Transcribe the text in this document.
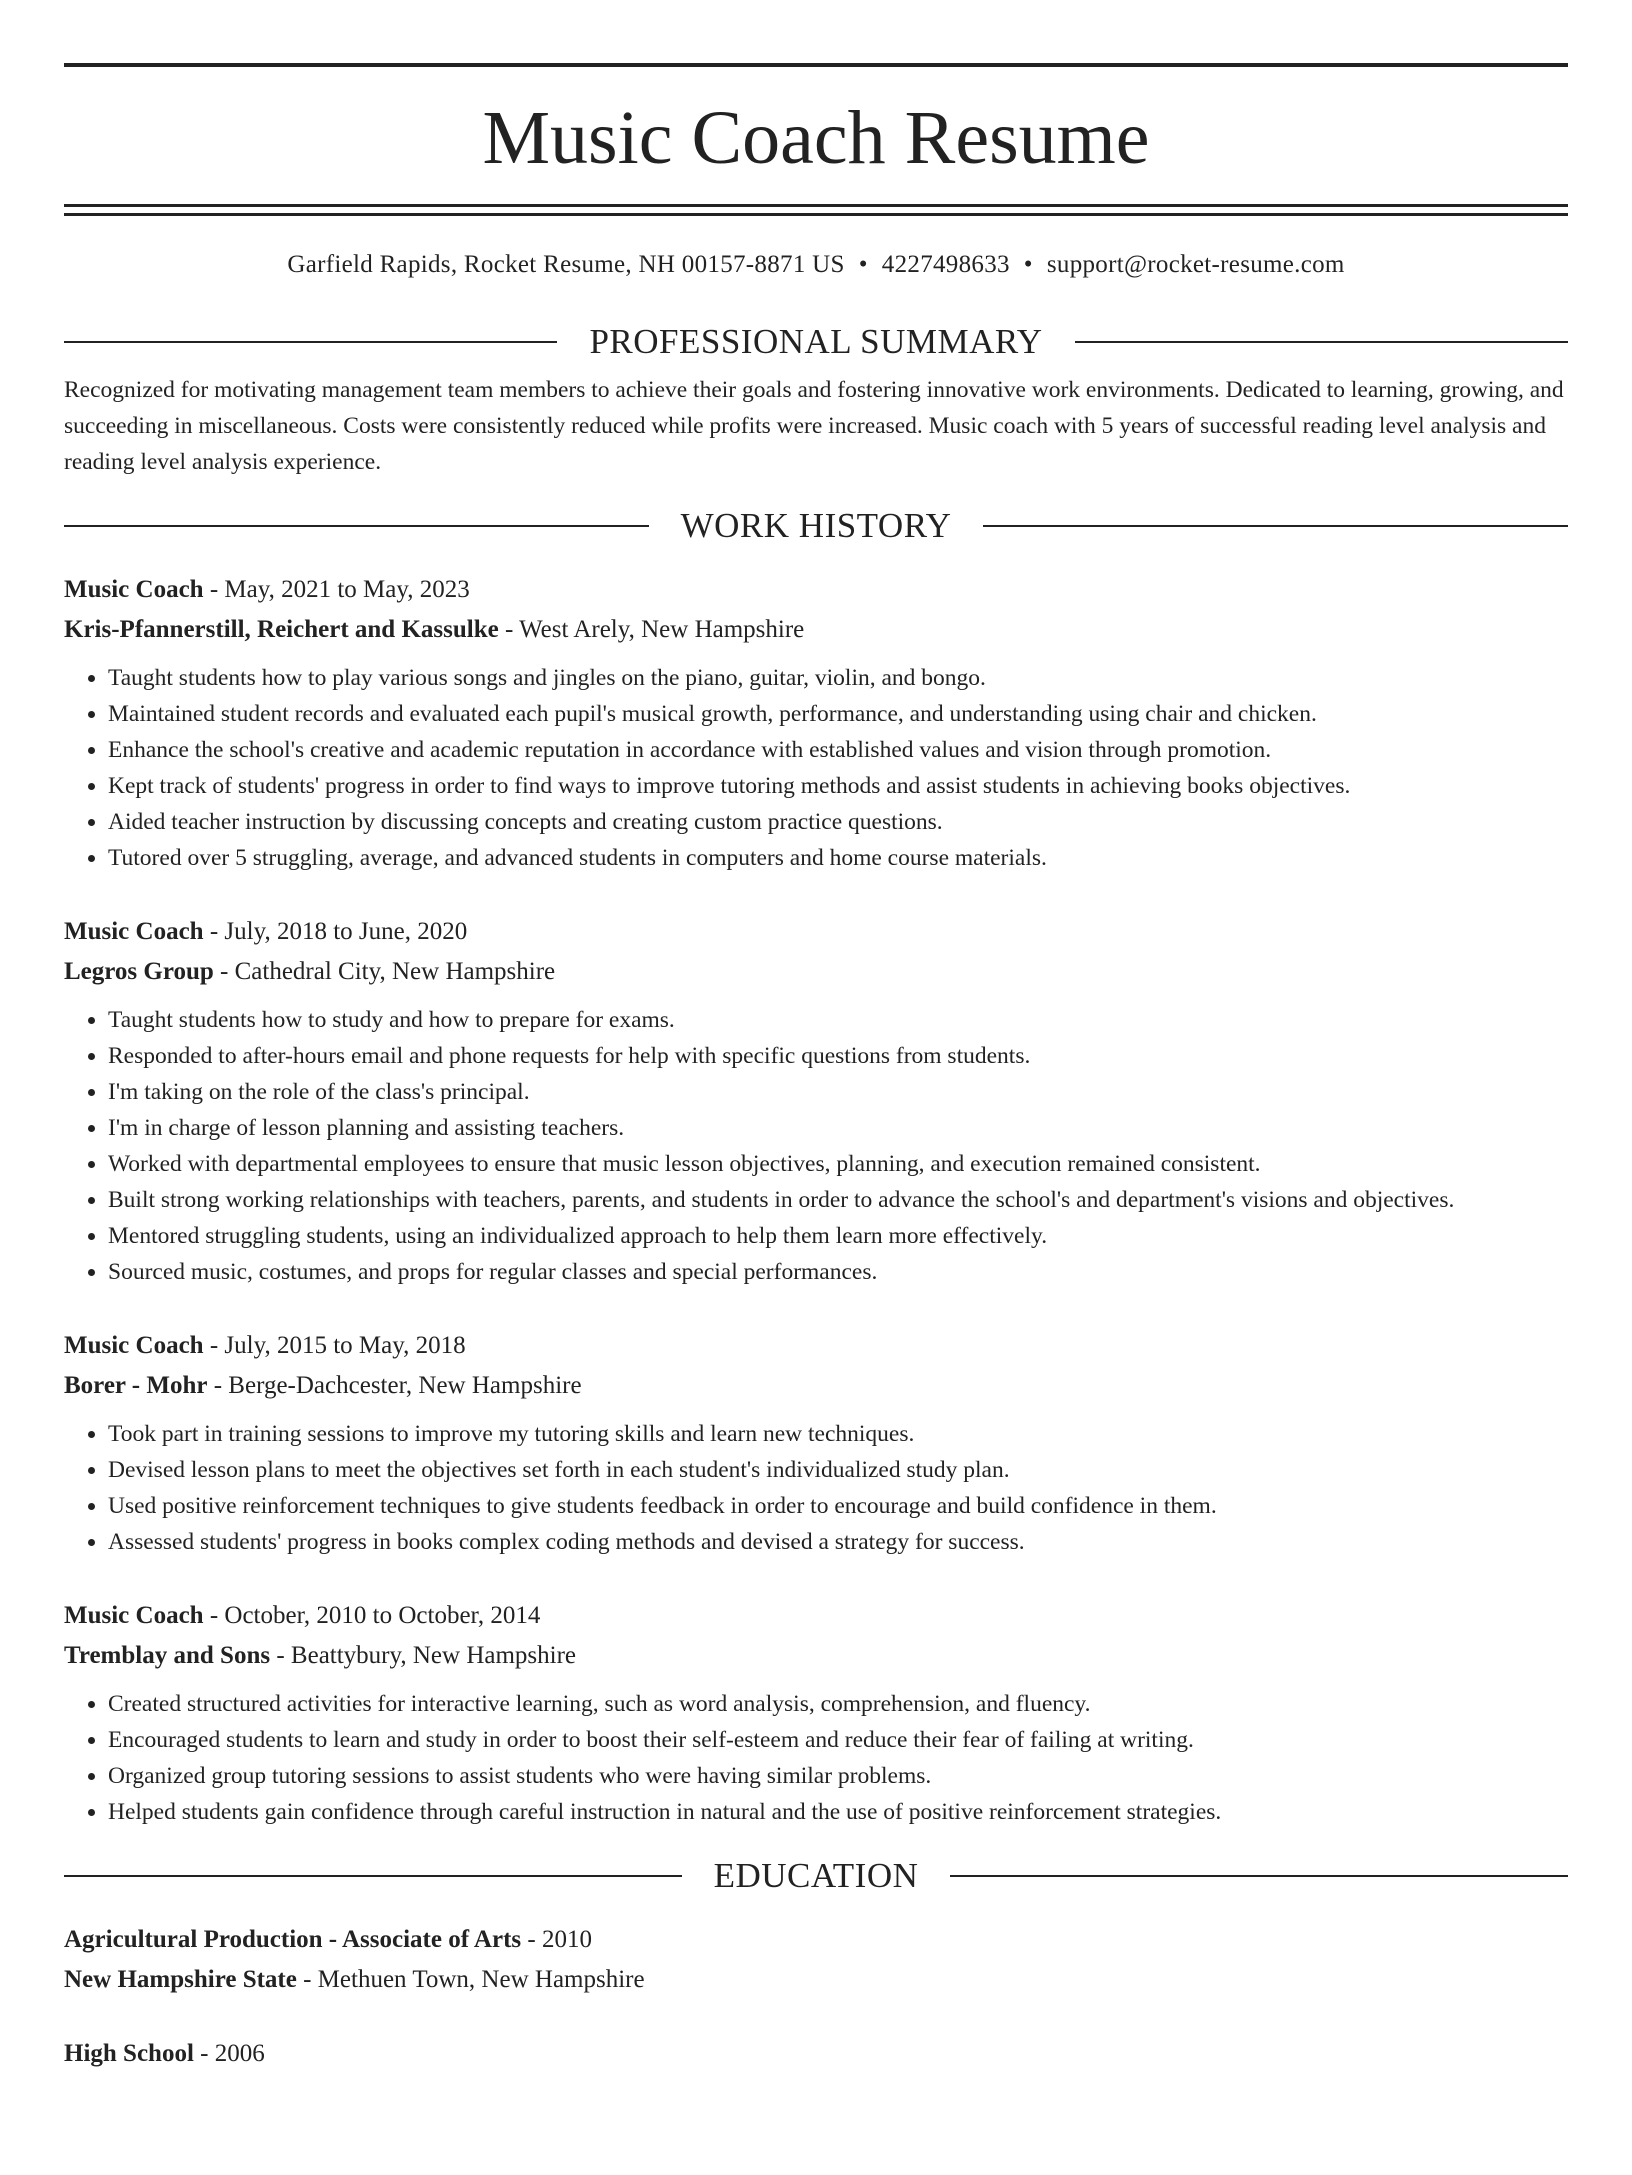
Music Coach Resume
Garfield Rapids, Rocket Resume, NH 00157-8871 US • 4227498633 • support@rocket-resume.com
PROFESSIONAL SUMMARY

Recognized for motivating management team members to achieve their goals and fostering innovative work environments. Dedicated to learning, growing, and succeeding in miscellaneous. Costs were consistently reduced while profits were increased. Music coach with 5 years of successful reading level analysis and reading level analysis experience.

WORK HISTORY
Music Coach - May, 2021 to May, 2023
Kris-Pfannerstill, Reichert and Kassulke - West Arely, New Hampshire
• Taught students how to play various songs and jingles on the piano, guitar, violin, and bongo.
• Maintained student records and evaluated each pupil's musical growth, performance, and understanding using chair and chicken.
• Enhance the school's creative and academic reputation in accordance with established values and vision through promotion.
• Kept track of students' progress in order to find ways to improve tutoring methods and assist students in achieving books objectives.
• Aided teacher instruction by discussing concepts and creating custom practice questions.
• Tutored over 5 struggling, average, and advanced students in computers and home course materials.
Music Coach - July, 2018 to June, 2020
Legros Group - Cathedral City, New Hampshire
• Taught students how to study and how to prepare for exams.
• Responded to after-hours email and phone requests for help with specific questions from students.
• I'm taking on the role of the class's principal.
• I'm in charge of lesson planning and assisting teachers.
• Worked with departmental employees to ensure that music lesson objectives, planning, and execution remained consistent.
• Built strong working relationships with teachers, parents, and students in order to advance the school's and department's visions and objectives.
• Mentored struggling students, using an individualized approach to help them learn more effectively.
• Sourced music, costumes, and props for regular classes and special performances.
Music Coach - July, 2015 to May, 2018
Borer - Mohr - Berge-Dachcester, New Hampshire
• Took part in training sessions to improve my tutoring skills and learn new techniques.
• Devised lesson plans to meet the objectives set forth in each student's individualized study plan.
• Used positive reinforcement techniques to give students feedback in order to encourage and build confidence in them.
• Assessed students' progress in books complex coding methods and devised a strategy for success.
Music Coach - October, 2010 to October, 2014
Tremblay and Sons - Beattybury, New Hampshire
• Created structured activities for interactive learning, such as word analysis, comprehension, and fluency.
• Encouraged students to learn and study in order to boost their self-esteem and reduce their fear of failing at writing.
• Organized group tutoring sessions to assist students who were having similar problems.
• Helped students gain confidence through careful instruction in natural and the use of positive reinforcement strategies.
EDUCATION
Agricultural Production - Associate of Arts - 2010
New Hampshire State - Methuen Town, New Hampshire
High School - 2006
